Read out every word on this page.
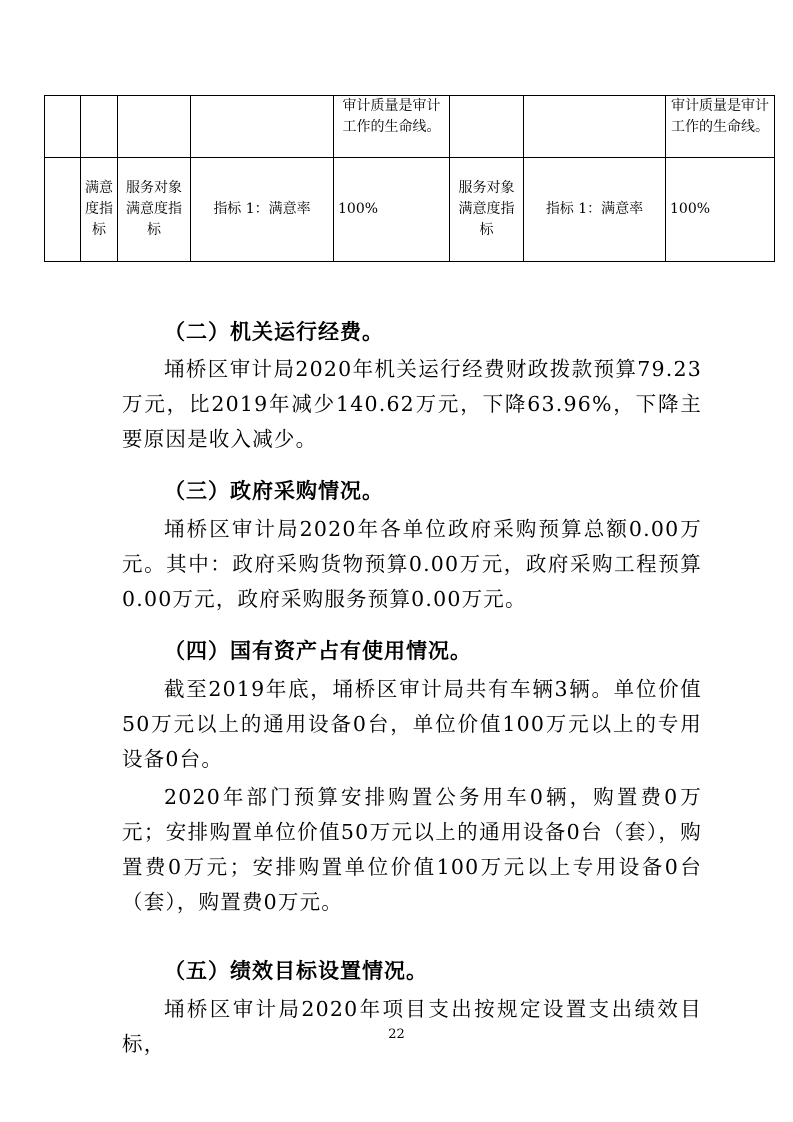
				审计质量是审计工作的生命线。			审计质量是审计工作的生命线。
	满意度指标	服务对象满意度指标	指标 1：满意率	100%	服务对象满意度指标	指标 1：满意率	100%
（二）机关运行经费。

埇桥区审计局2020年机关运行经费财政拨款预算79.23万元，比2019年减少140.62万元，下降63.96%，下降主要原因是收入减少。

（三）政府采购情况。

埇桥区审计局2020年各单位政府采购预算总额0.00万元。其中：政府采购货物预算0.00万元，政府采购工程预算0.00万元，政府采购服务预算0.00万元。

（四）国有资产占有使用情况。

截至2019年底，埇桥区审计局共有车辆3辆。单位价值50万元以上的通用设备0台，单位价值100万元以上的专用设备0台。

2020年部门预算安排购置公务用车0辆，购置费0万元；安排购置单位价值50万元以上的通用设备0台（套），购置费0万元；安排购置单位价值100万元以上专用设备0台（套），购置费0万元。

（五）绩效目标设置情况。

埇桥区审计局2020年项目支出按规定设置支出绩效目标，	22
